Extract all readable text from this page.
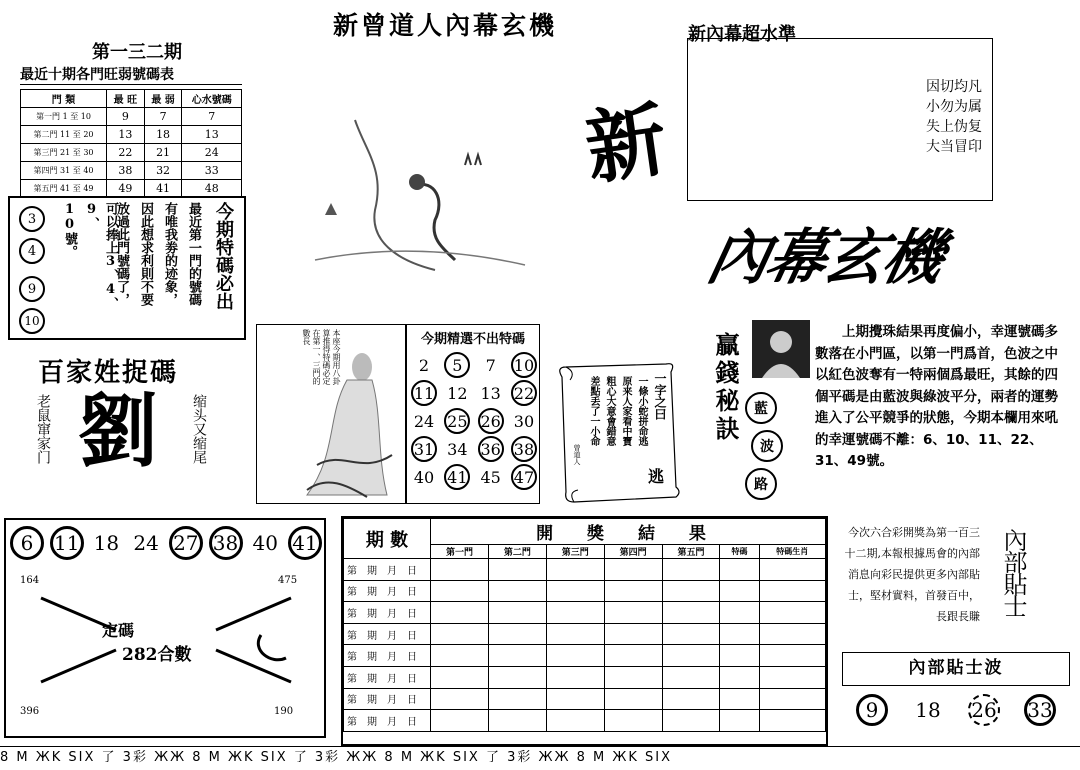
新曾道人內幕玄機
第一三二期
新內幕超水準
最近十期各門旺弱號碼表
門 類	最 旺	最 弱	心水號碼
第一門 1 至 10	9	7	7
第二門 11 至 20	13	18	13
第三門 21 至 30	22	21	24
第四門 31 至 40	38	32	33
第五門 41 至 49	49	41	48	新
內幕玄機
因切均凡
小勿为属
失上伪复
大当冒印
3 4 9 10
10號。	可以捧上3、4、9、	放過此門號碼了， 因此想求利則不要 有唯我劵的迹象， 最近第一門的號碼 今期特碼必出
百家姓捉碼
老鼠窜家门 劉 缩头又缩尾
本座今期用八卦算推得特碼必定在第一、三門的數長	今期精選不出特碼
2	5	7	10
11 12 13 22
24 25 26 30
31 34 36 38
40 41 45 47
一字之曰
一條小蛇拼命逃
原来人家看中寶
粗心大意會錯意
差點丢了一小命
逃
曾道人
贏錢秘訣	藍 波 路
上期攪珠結果再度偏小，幸運號碼多數落在小門區，以第一門爲首，色波之中以紅色波奪有一特兩個爲最旺，其餘的四個平碼是由藍波與綠波平分，兩者的運勢進入了公平競爭的狀態，今期本欄用來吼的幸運號碼不離：6、10、11、22、31、49號。
6	11 18 24 27 38 40 41
164	475
396	190
定碼
282合數
期 數	開 獎 結 果						
	第一門	第二門	第三門	第四門	第五門	特碼	特碼生肖
第　期　月　日							
第　期　月　日							
第　期　月　日							
第　期　月　日							
第　期　月　日							
第　期　月　日							
第　期　月　日							
第　期　月　日							
今次六合彩開獎為第一百三十二期,本報根據馬會的內部消息向彩民提供更多內部貼士，堅材實料，首發百中，長跟長賺
內部貼士
內部貼士波
9	18 26 33
8 M ЖK SIX 了 3彩 ЖЖ 8 M ЖK SIX 了 3彩 ЖЖ 8 M ЖK SIX 了 3彩 ЖЖ 8 M ЖK SIX
